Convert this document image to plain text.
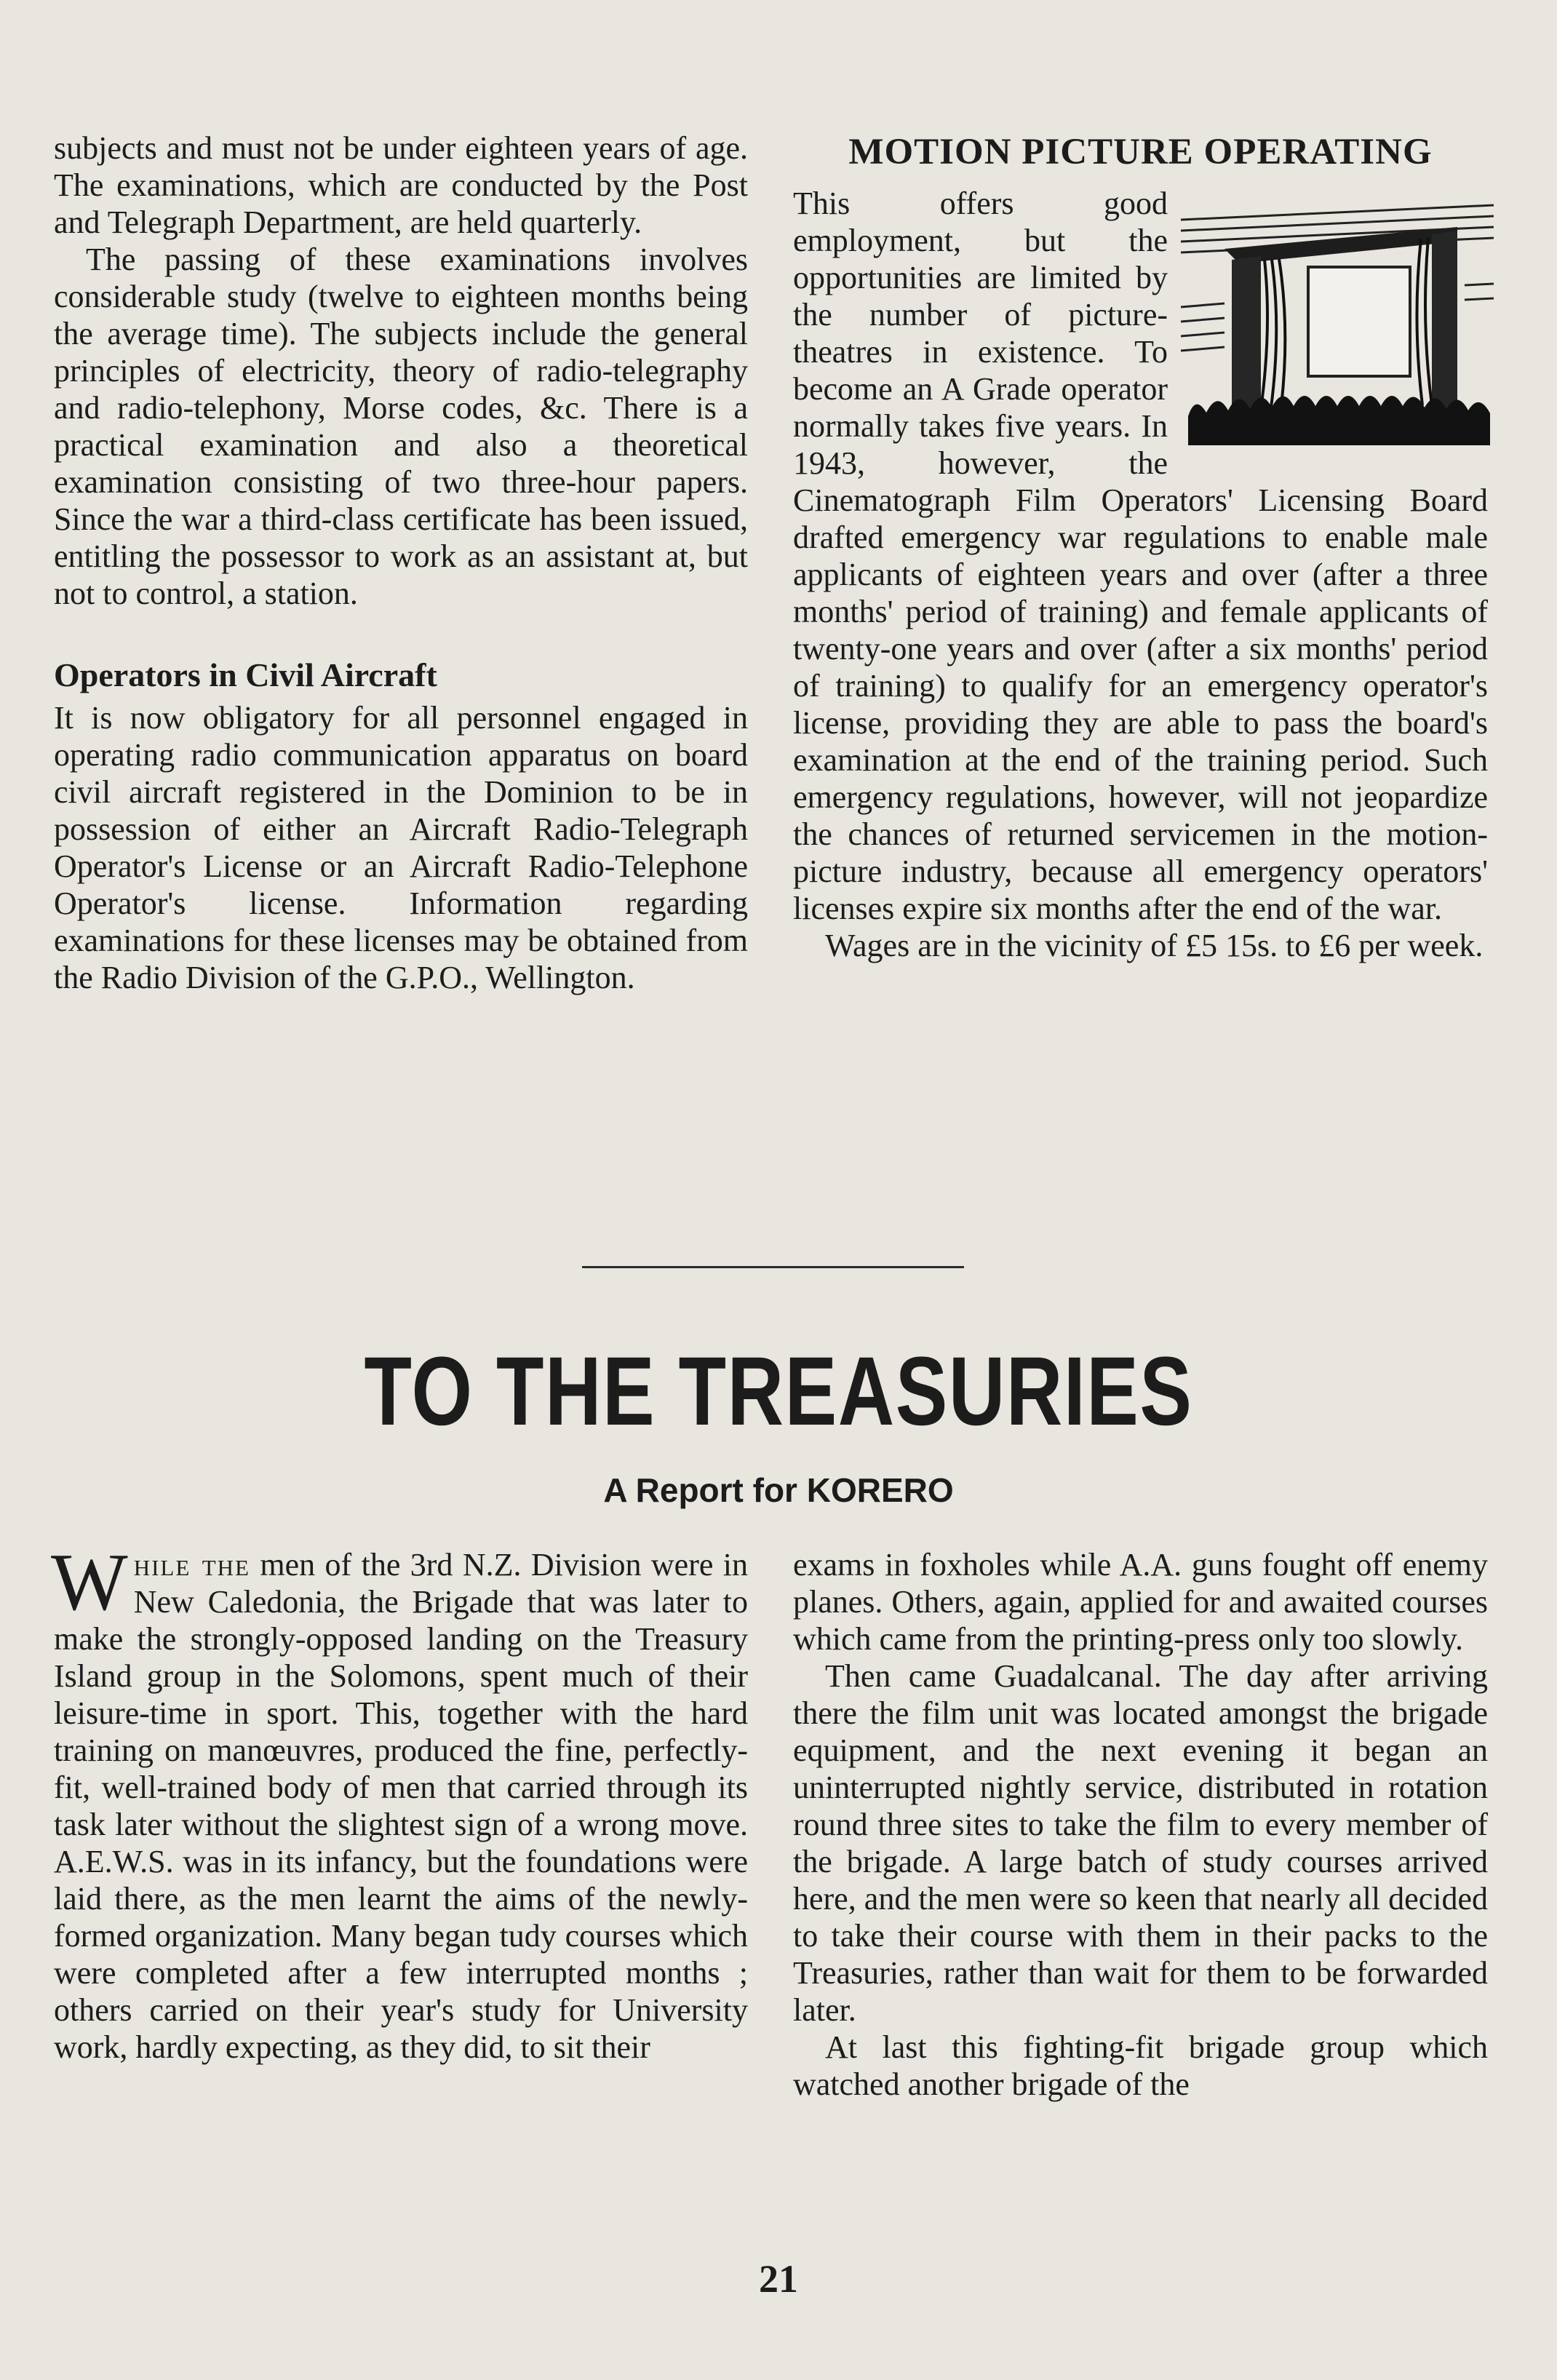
subjects and must not be under eighteen years of age. The examinations, which are conducted by the Post and Telegraph Department, are held quarterly.

The passing of these examinations involves considerable study (twelve to eighteen months being the average time). The subjects include the general principles of electricity, theory of radio-telegraphy and radio-telephony, Morse codes, &c. There is a practical examination and also a theoretical examination consisting of two three-hour papers. Since the war a third-class certificate has been issued, entitling the possessor to work as an assistant at, but not to control, a station.

Operators in Civil Aircraft

It is now obligatory for all personnel engaged in operating radio communication apparatus on board civil aircraft registered in the Dominion to be in possession of either an Aircraft Radio-Telegraph Operator's License or an Aircraft Radio-Telephone Operator's license. Information regarding examinations for these licenses may be obtained from the Radio Division of the G.P.O., Wellington.

MOTION PICTURE OPERATING

This offers good employment, but the opportunities are limited by the number of picture-theatres in existence. To become an A Grade operator normally takes five years. In 1943, however, the Cinematograph Film Operators' Licensing Board drafted emergency war regulations to enable male applicants of eighteen years and over (after a three months' period of training) and female applicants of twenty-one years and over (after a six months' period of training) to qualify for an emergency operator's license, providing they are able to pass the board's examination at the end of the training period. Such emergency regulations, however, will not jeopardize the chances of returned servicemen in the motion-picture industry, because all emergency operators' licenses expire six months after the end of the war.

Wages are in the vicinity of £5 15s. to £6 per week.

TO THE TREASURIES
A Report for KORERO

While the men of the 3rd N.Z. Division were in New Caledonia, the Brigade that was later to make the strongly-opposed landing on the Treasury Island group in the Solomons, spent much of their leisure-time in sport. This, together with the hard training on manœuvres, produced the fine, perfectly-fit, well-trained body of men that carried through its task later without the slightest sign of a wrong move. A.E.W.S. was in its infancy, but the foundations were laid there, as the men learnt the aims of the newly-formed organization. Many began tudy courses which were completed after a few interrupted months ; others carried on their year's study for University work, hardly expecting, as they did, to sit their

exams in foxholes while A.A. guns fought off enemy planes. Others, again, applied for and awaited courses which came from the printing-press only too slowly.

Then came Guadalcanal. The day after arriving there the film unit was located amongst the brigade equipment, and the next evening it began an uninterrupted nightly service, distributed in rotation round three sites to take the film to every member of the brigade. A large batch of study courses arrived here, and the men were so keen that nearly all decided to take their course with them in their packs to the Treasuries, rather than wait for them to be forwarded later.

At last this fighting-fit brigade group which watched another brigade of the

21
